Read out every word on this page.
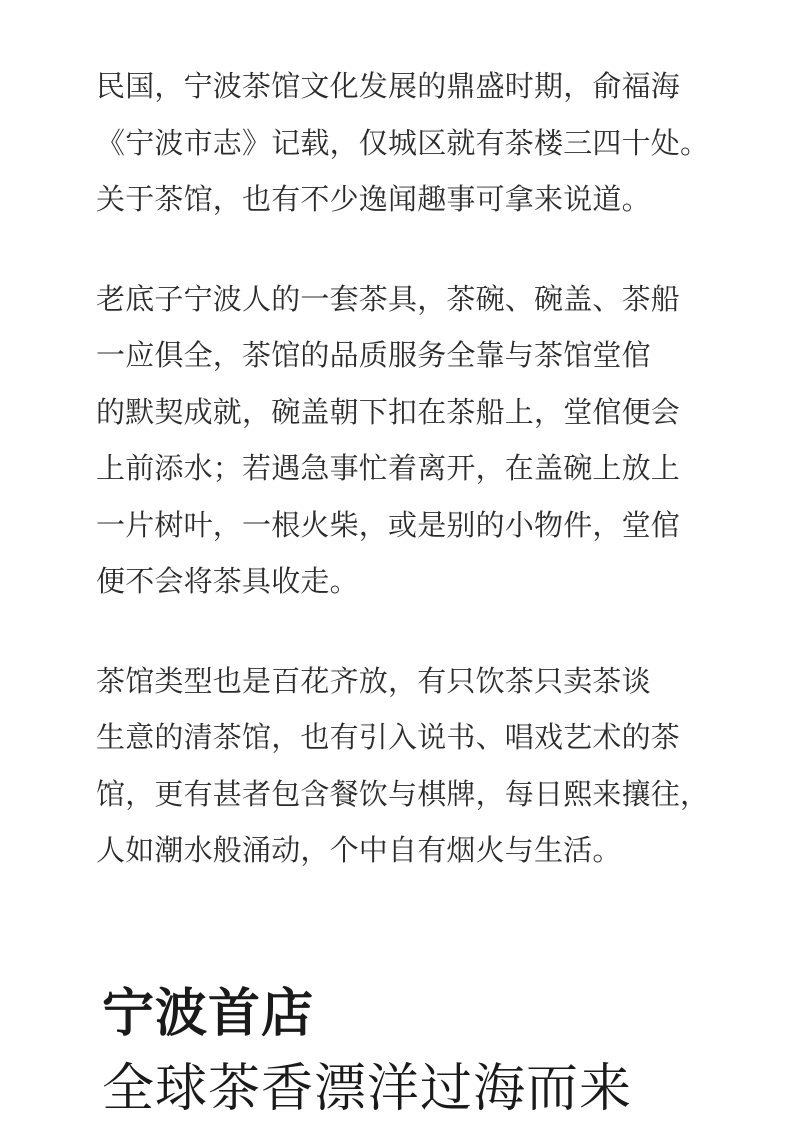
民国，宁波茶馆文化发展的鼎盛时期，俞福海
《宁波市志》记载，仅城区就有茶楼三四十处。
关于茶馆，也有不少逸闻趣事可拿来说道。

老底子宁波人的一套茶具，茶碗、碗盖、茶船
一应俱全，茶馆的品质服务全靠与茶馆堂倌
的默契成就，碗盖朝下扣在茶船上，堂倌便会
上前添水；若遇急事忙着离开，在盖碗上放上
一片树叶，一根火柴，或是别的小物件，堂倌
便不会将茶具收走。

茶馆类型也是百花齐放，有只饮茶只卖茶谈
生意的清茶馆，也有引入说书、唱戏艺术的茶
馆，更有甚者包含餐饮与棋牌，每日熙来攘往，
人如潮水般涌动，个中自有烟火与生活。

宁波首店
全球茶香漂洋过海而来
